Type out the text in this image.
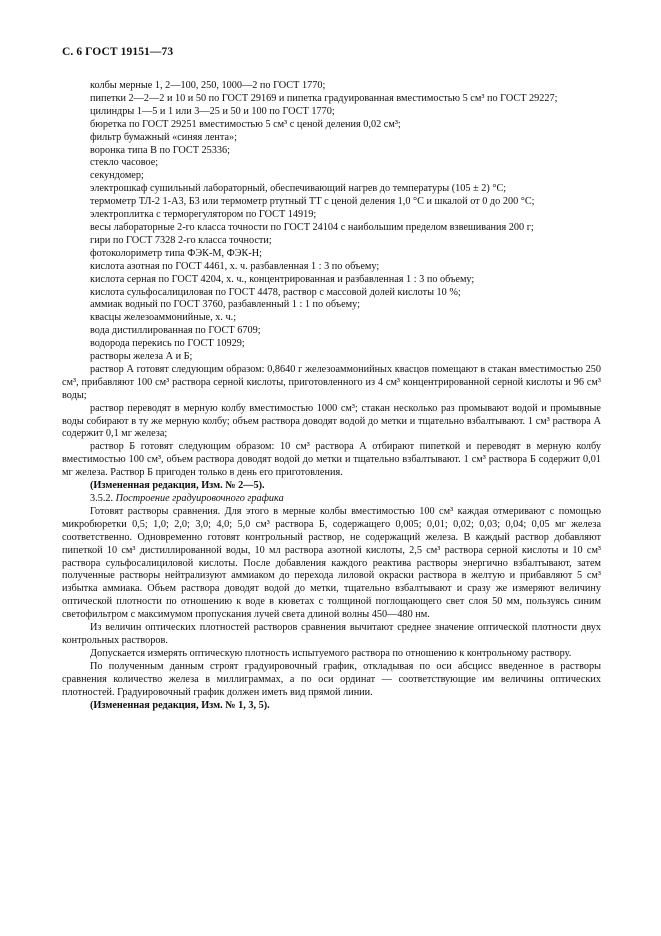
С. 6 ГОСТ 19151—73

колбы мерные 1, 2—100, 250, 1000—2 по ГОСТ 1770;

пипетки 2—2—2 и 10 и 50 по ГОСТ 29169 и пипетка градуированная вместимостью 5 см³ по ГОСТ 29227;

цилиндры 1—5 и 1 или 3—25 и 50 и 100 по ГОСТ 1770;

бюретка по ГОСТ 29251 вместимостью 5 см³ с ценой деления 0,02 см³;

фильтр бумажный «синяя лента»;

воронка типа В по ГОСТ 25336;

стекло часовое;

секундомер;

электрошкаф сушильный лабораторный, обеспечивающий нагрев до температуры (105 ± 2) °С;

термометр ТЛ-2 1-А3, Б3 или термометр ртутный ТТ с ценой деления 1,0 °С и шкалой от 0 до 200 °С;

электроплитка с терморегулятором по ГОСТ 14919;

весы лабораторные 2-го класса точности по ГОСТ 24104 с наибольшим пределом взвешивания 200 г;

гири по ГОСТ 7328 2-го класса точности;

фотоколориметр типа ФЭК-М, ФЭК-Н;

кислота азотная по ГОСТ 4461, х. ч. разбавленная 1 : 3 по объему;

кислота серная по ГОСТ 4204, х. ч., концентрированная и разбавленная 1 : 3 по объему;

кислота сульфосалициловая по ГОСТ 4478, раствор с массовой долей кислоты 10 %;

аммиак водный по ГОСТ 3760, разбавленный 1 : 1 по объему;

квасцы железоаммонийные, х. ч.;

вода дистиллированная по ГОСТ 6709;

водорода перекись по ГОСТ 10929;

растворы железа А и Б;

раствор А готовят следующим образом: 0,8640 г железоаммонийных квасцов помещают в стакан вместимостью 250 см³, прибавляют 100 см³ раствора серной кислоты, приготовленного из 4 см³ концентрированной серной кислоты и 96 см³ воды;

раствор переводят в мерную колбу вместимостью 1000 см³; стакан несколько раз промывают водой и промывные воды собирают в ту же мерную колбу; объем раствора доводят водой до метки и тщательно взбалтывают. 1 см³ раствора А содержит 0,1 мг железа;

раствор Б готовят следующим образом: 10 см³ раствора А отбирают пипеткой и переводят в мерную колбу вместимостью 100 см³, объем раствора доводят водой до метки и тщательно взбалтывают. 1 см³ раствора Б содержит 0,01 мг железа. Раствор Б пригоден только в день его приготовления.

(Измененная редакция, Изм. № 2—5).

3.5.2. Построение градуировочного графика

Готовят растворы сравнения. Для этого в мерные колбы вместимостью 100 см³ каждая отмеривают с помощью микробюретки 0,5; 1,0; 2,0; 3,0; 4,0; 5,0 см³ раствора Б, содержащего 0,005; 0,01; 0,02; 0,03; 0,04; 0,05 мг железа соответственно. Одновременно готовят контрольный раствор, не содержащий железа. В каждый раствор добавляют пипеткой 10 см³ дистиллированной воды, 10 мл раствора азотной кислоты, 2,5 см³ раствора серной кислоты и 10 см³ раствора сульфосалициловой кислоты. После добавления каждого реактива растворы энергично взбалтывают, затем полученные растворы нейтрализуют аммиаком до перехода лиловой окраски раствора в желтую и прибавляют 5 см³ избытка аммиака. Объем раствора доводят водой до метки, тщательно взбалтывают и сразу же измеряют величину оптической плотности по отношению к воде в кюветах с толщиной поглощающего свет слоя 50 мм, пользуясь синим светофильтром с максимумом пропускания лучей света длиной волны 450—480 нм.

Из величин оптических плотностей растворов сравнения вычитают среднее значение оптической плотности двух контрольных растворов.

Допускается измерять оптическую плотность испытуемого раствора по отношению к контрольному раствору.

По полученным данным строят градуировочный график, откладывая по оси абсцисс введенное в растворы сравнения количество железа в миллиграммах, а по оси ординат — соответствующие им величины оптических плотностей. Градуировочный график должен иметь вид прямой линии.

(Измененная редакция, Изм. № 1, 3, 5).
